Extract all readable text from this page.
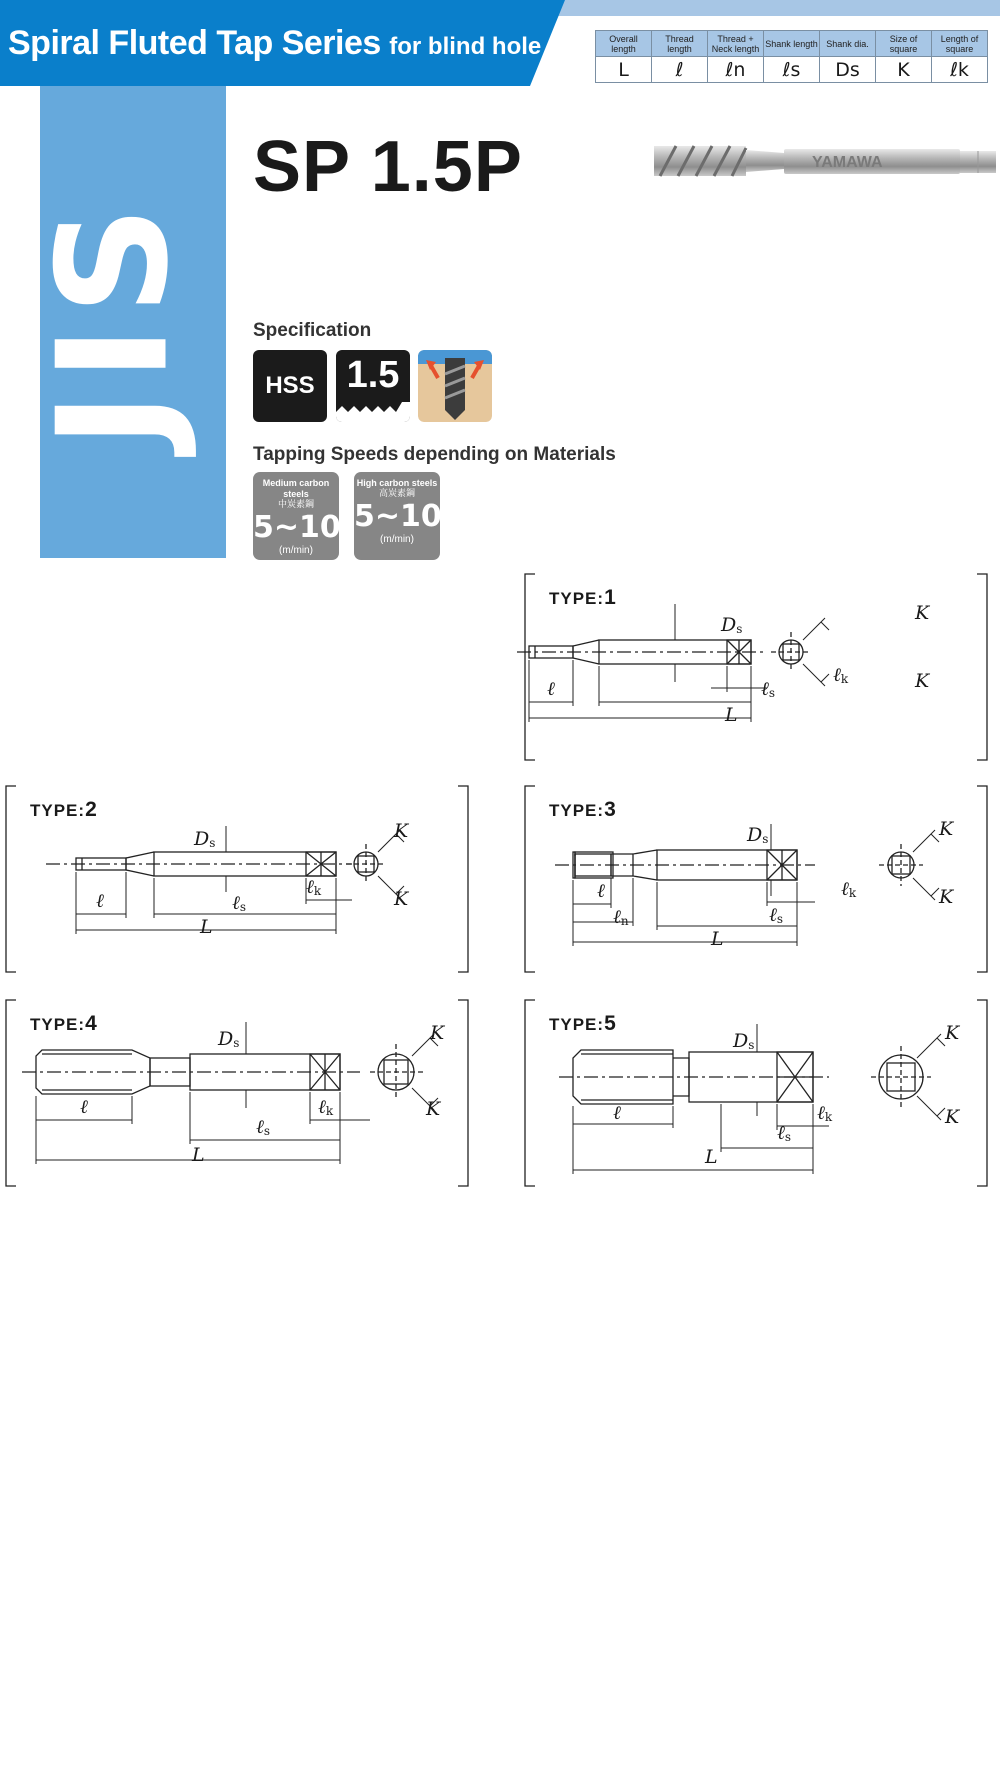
Spiral Fluted Tap Series for blind hole	Overall length	Thread length	Thread + Neck length	Shank length	Shank dia.	Size of square	Length of square
L	ℓ	ℓn	ℓs	Ds	K	ℓk
JIS
SP 1.5P	YAMAWA
Specification
HSS 1.5
Tapping Speeds depending on Materials
Medium carbon steels
中炭素鋼
5~10
(m/min)
High carbon steels
高炭素鋼
5~10
(m/min)
TYPE:1
$D_s$
ℓ	ℓ$_s$
ℓ$_k$
L
K
K
TYPE:2
$D_s$
ℓ	ℓ$_s$
ℓ$_k$
L
K
K
TYPE:3
$D_s$
ℓ
ℓ$_n$	ℓ$_s$
ℓ$_k$
L
K
K
TYPE:4
$D_s$
ℓ
ℓ$_s$
ℓ$_k$
L
K
K
TYPE:5
$D_s$
ℓ
ℓ$_s$
ℓ$_k$
L
K
K
